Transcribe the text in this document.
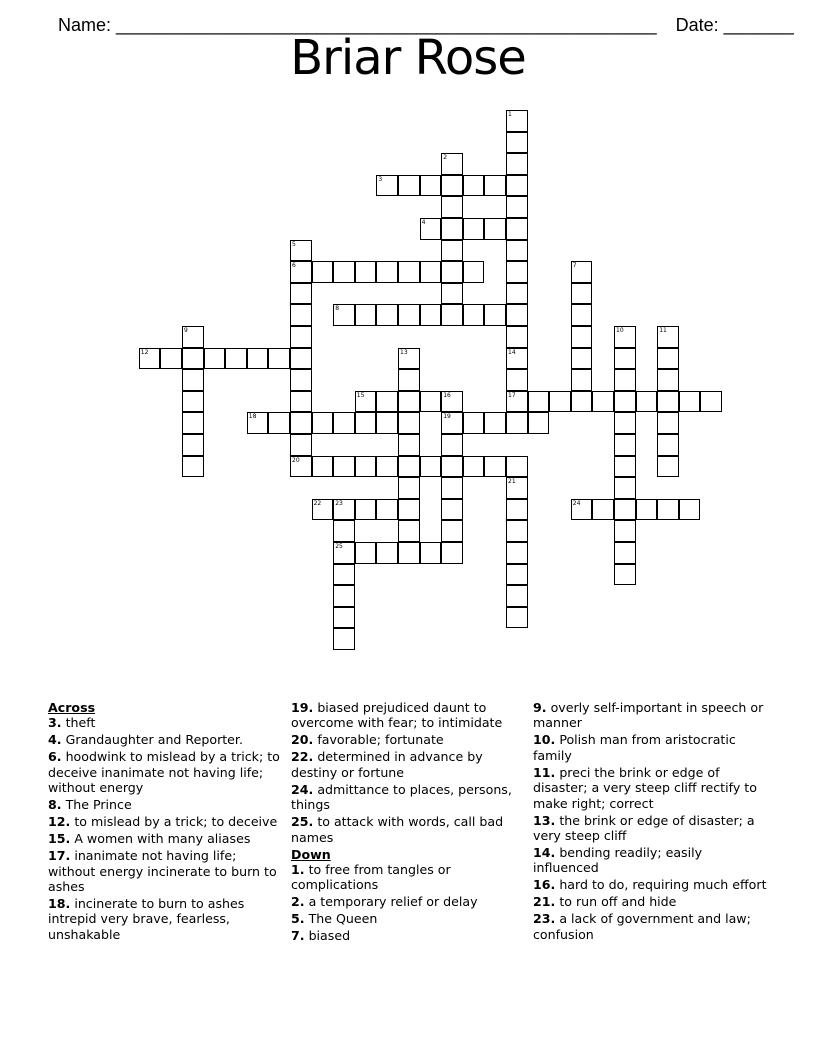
Name: ______________________________________________________ Date: _______

Briar Rose
3
4
6
8
12
15	16	17
18	19
20
22 23	24
25
1
2
5
7
9	10	11
13	14
21
Across
3. theft
4. Grandaughter and Reporter.
6. hoodwink to mislead by a trick; to deceive inanimate not having life; without energy
8. The Prince
12. to mislead by a trick; to deceive
15. A women with many aliases
17. inanimate not having life; without energy incinerate to burn to ashes
18. incinerate to burn to ashes intrepid very brave, fearless, unshakable
19. biased prejudiced daunt to overcome with fear; to intimidate
20. favorable; fortunate
22. determined in advance by destiny or fortune
24. admittance to places, persons, things
25. to attack with words, call bad names
Down
1. to free from tangles or complications
2. a temporary relief or delay
5. The Queen
7. biased
9. overly self-important in speech or manner
10. Polish man from aristocratic family
11. preci the brink or edge of disaster; a very steep cliff rectify to make right; correct
13. the brink or edge of disaster; a very steep cliff
14. bending readily; easily influenced
16. hard to do, requiring much effort
21. to run off and hide
23. a lack of government and law; confusion
